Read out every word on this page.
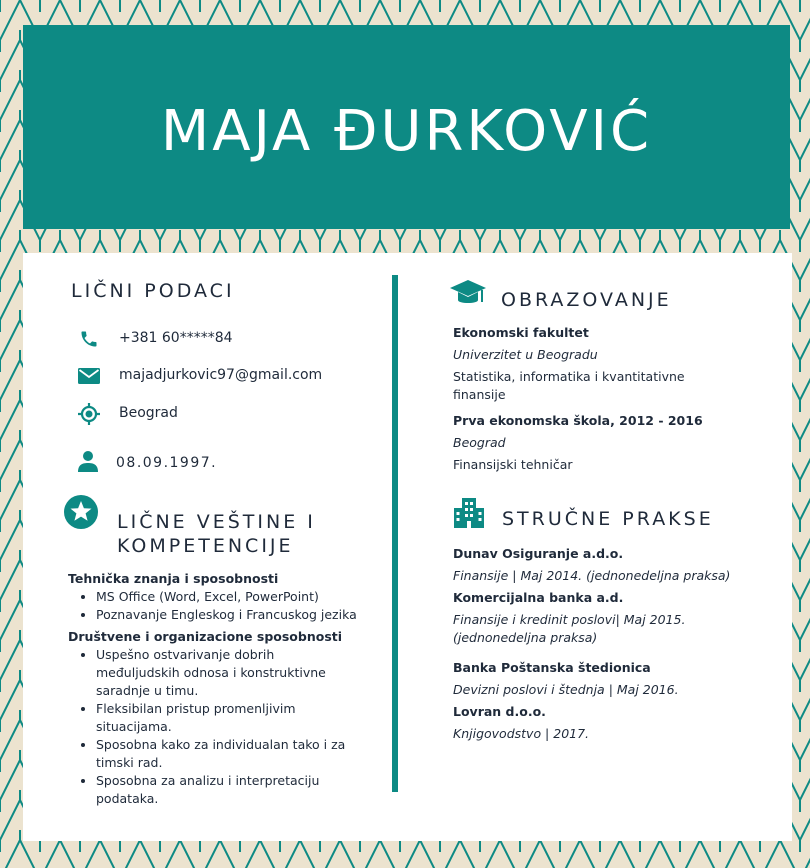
MAJA ĐURKOVIĆ
LIČNI PODACI
+381 60*****84
majadjurkovic97@gmail.com
Beograd
08.09.1997.
LIČNE VEŠTINE I KOMPETENCIJE

Tehnička znanja i sposobnosti

• MS Office (Word, Excel, PowerPoint)
• Poznavanje Engleskog i Francuskog jezika

Društvene i organizacione sposobnosti

• Uspešno ostvarivanje dobrih međuljudskih odnosa i konstruktivne saradnje u timu.
• Fleksibilan pristup promenljivim situacijama.
• Sposobna kako za individualan tako i za timski rad.
• Sposobna za analizu i interpretaciju podataka.
OBRAZOVANJE

Ekonomski fakultet

Univerzitet u Beogradu

Statistika, informatika i kvantitativne finansije

Prva ekonomska škola, 2012 - 2016

Beograd

Finansijski tehničar

STRUČNE PRAKSE

Dunav Osiguranje a.d.o.

Finansije | Maj 2014. (jednonedeljna praksa)

Komercijalna banka a.d.

Finansije i kredinit poslovi| Maj 2015. (jednonedeljna praksa)

Banka Poštanska štedionica

Devizni poslovi i štednja | Maj 2016.

Lovran d.o.o.

Knjigovodstvo | 2017.
